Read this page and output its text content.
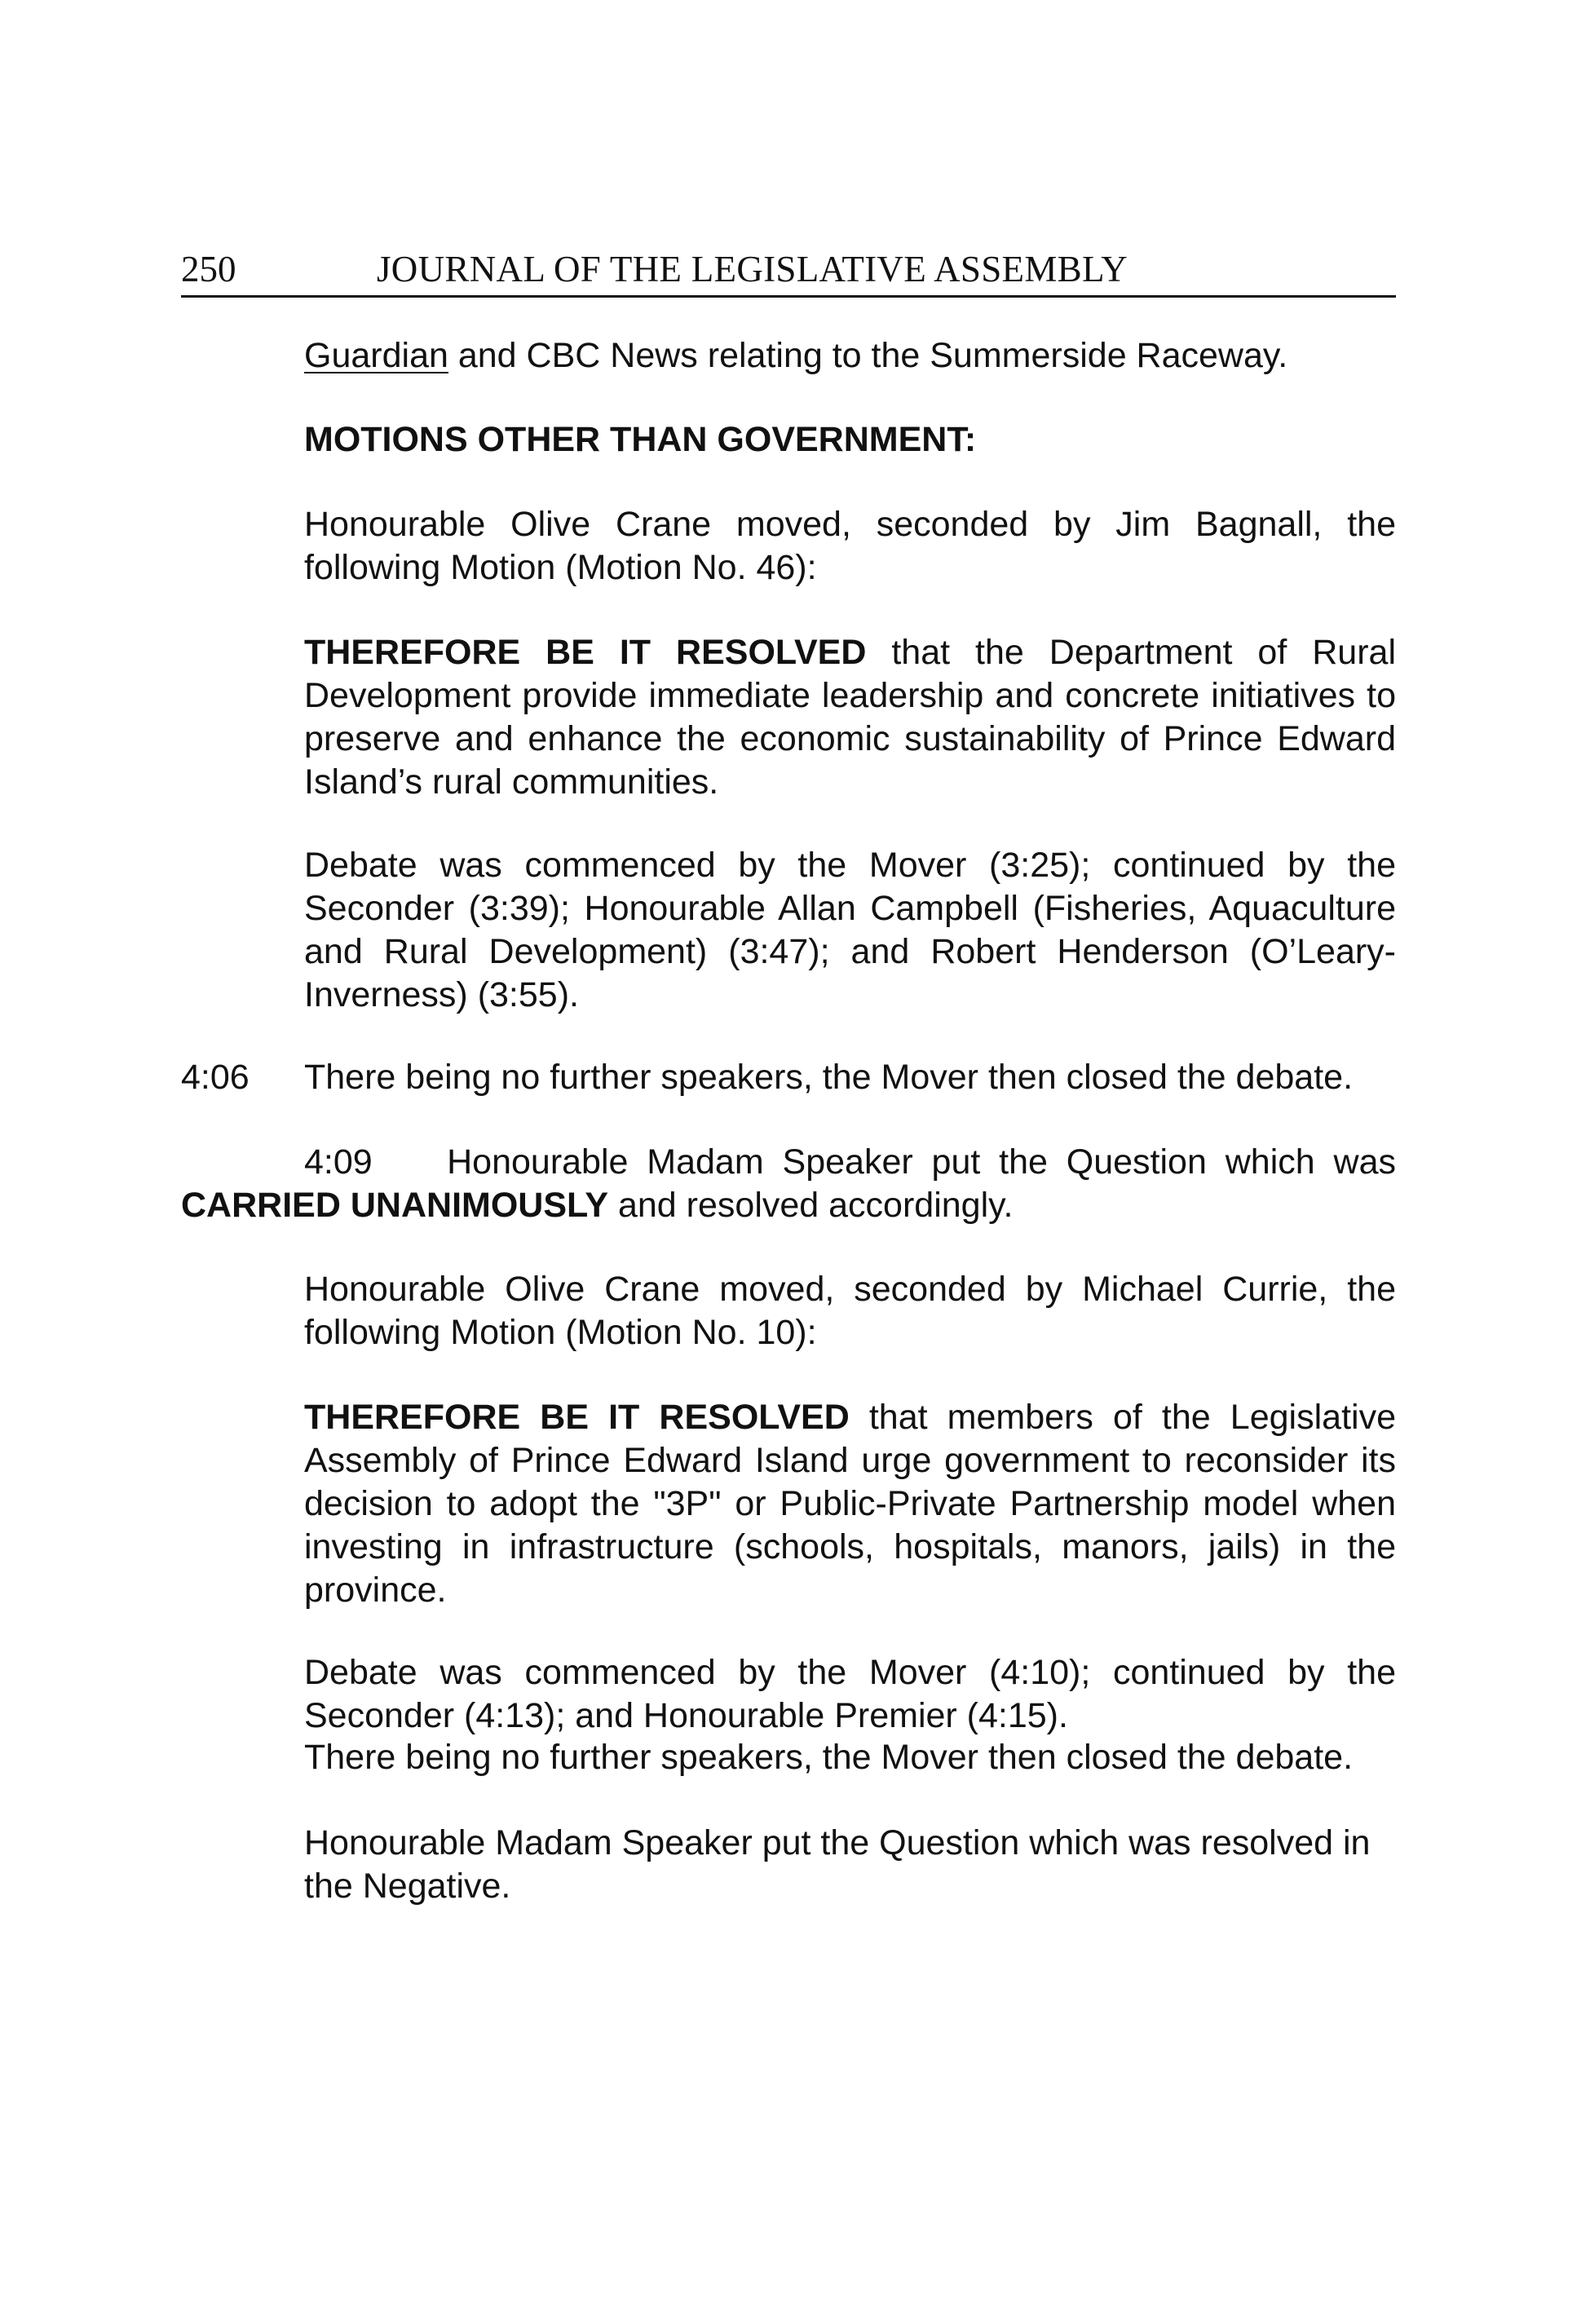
250	JOURNAL OF THE LEGISLATIVE ASSEMBLY

Guardian and CBC News relating to the Summerside Raceway.

MOTIONS OTHER THAN GOVERNMENT:

Honourable Olive Crane moved, seconded by Jim Bagnall, the following Motion (Motion No. 46):

THEREFORE BE IT RESOLVED that the Department of Rural Development provide immediate leadership and concrete initiatives to preserve and enhance the economic sustainability of Prince Edward Island’s rural communities.

Debate was commenced by the Mover (3:25); continued by the Seconder (3:39); Honourable Allan Campbell (Fisheries, Aquaculture and Rural Development) (3:47); and Robert Henderson (O’Leary-Inverness) (3:55).

4:06 There being no further speakers, the Mover then closed the debate.

4:09 Honourable Madam Speaker put the Question which was CARRIED UNANIMOUSLY and resolved accordingly.

Honourable Olive Crane moved, seconded by Michael Currie, the following Motion (Motion No. 10):

THEREFORE BE IT RESOLVED that members of the Legislative Assembly of Prince Edward Island urge government to reconsider its decision to adopt the "3P" or Public-Private Partnership model when investing in infrastructure (schools, hospitals, manors, jails) in the province.

Debate was commenced by the Mover (4:10); continued by the Seconder (4:13); and Honourable Premier (4:15).

There being no further speakers, the Mover then closed the debate.

Honourable Madam Speaker put the Question which was resolved in the Negative.
